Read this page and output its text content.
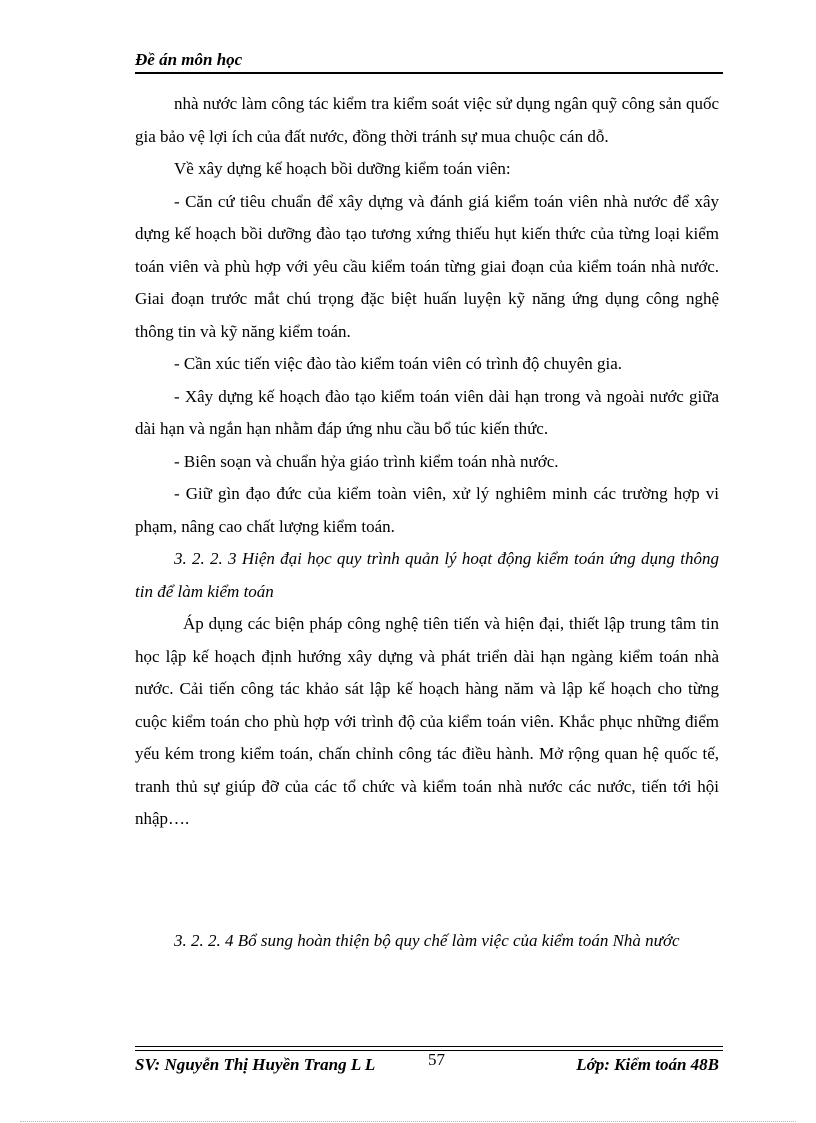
Đề án môn học

nhà nước làm công tác kiểm tra kiểm soát việc sử dụng ngân quỹ công sản quốc gia bảo vệ lợi ích của đất nước, đồng thời tránh sự mua chuộc cán dỗ.

Về xây dựng kế hoạch bồi dưỡng kiểm toán viên:

- Căn cứ tiêu chuẩn để xây dựng và đánh giá kiểm toán viên nhà nước để xây dựng kế hoạch bồi dưỡng đào tạo tương xứng thiếu hụt kiến thức của từng loại kiểm toán viên và phù hợp với yêu cầu kiểm toán từng giai đoạn của kiểm toán nhà nước. Giai đoạn trước mắt chú trọng đặc biệt huấn luyện kỹ năng ứng dụng công nghệ thông tin và kỹ năng kiểm toán.

- Cần xúc tiến việc đào tào kiểm toán viên có trình độ chuyên gia.

- Xây dựng kế hoạch đào tạo kiểm toán viên dài hạn trong và ngoài nước giữa dài hạn và ngắn hạn nhằm đáp ứng nhu cầu bổ túc kiến thức.

- Biên soạn và chuẩn hỷa giáo trình kiểm toán nhà nước.

- Giữ gìn đạo đức của kiểm toàn viên, xử lý nghiêm minh các trường hợp vi phạm, nâng cao chất lượng kiểm toán.

3. 2. 2. 3 Hiện đại học quy trình quản lý hoạt động kiểm toán ứng dụng thông tin để làm kiểm toán

Áp dụng các biện pháp công nghệ tiên tiến và hiện đại, thiết lập trung tâm tin học lập kế hoạch định hướng xây dựng và phát triển dài hạn ngàng kiểm toán nhà nước. Cải tiến công tác khảo sát lập kế hoạch hàng năm và lập kế hoạch cho từng cuộc kiểm toán cho phù hợp với trình độ của kiểm toán viên. Khắc phục những điểm yếu kém trong kiểm toán, chấn chỉnh công tác điều hành. Mở rộng quan hệ quốc tế, tranh thủ sự giúp đỡ của các tổ chức và kiểm toán nhà nước các nước, tiến tới hội nhập….

3. 2. 2. 4 Bổ sung hoàn thiện bộ quy chế làm việc của kiểm toán Nhà nước

SV: Nguyễn Thị Huyền Trang L L	57	Lớp: Kiểm toán 48B
